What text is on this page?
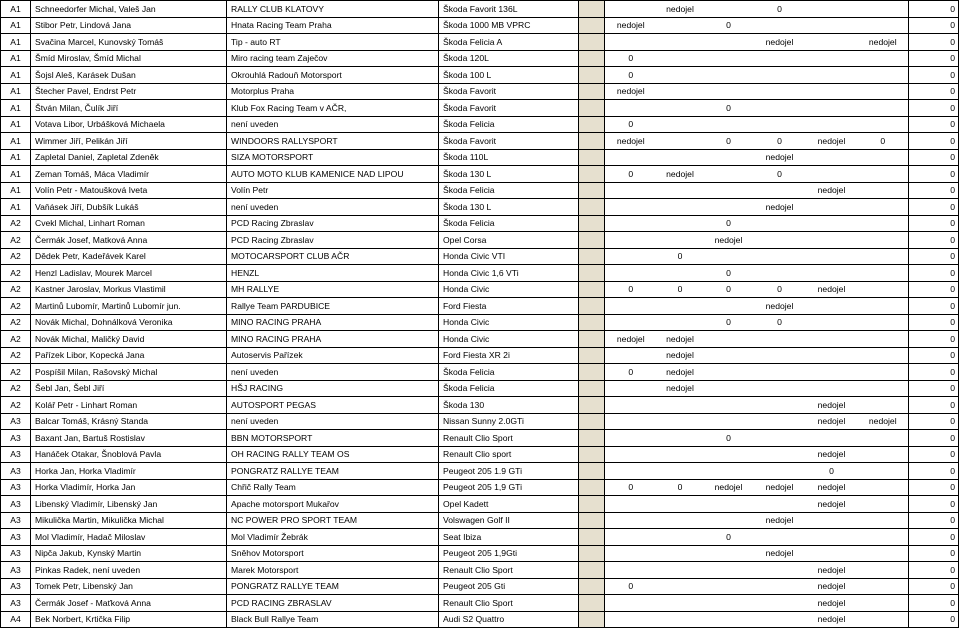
A1	Schneedorfer Michal, Valeš Jan	RALLY CLUB KLATOVY	Škoda Favorit 136L			nedojel		0			0
A1	Stibor Petr, Lindová Jana	Hnata Racing Team Praha	Škoda 1000 MB VPRC		nedojel		0				0
A1	Svačina Marcel, Kunovský Tomáš	Tip - auto RT	Škoda Felicia A					nedojel		nedojel	0
A1	Šmíd Miroslav, Šmíd Michal	Miro racing team Zaječov	Škoda 120L		0						0
A1	Šojsl Aleš, Karásek Dušan	Okrouhlá Radouň Motorsport	Škoda 100 L		0						0
A1	Štecher Pavel, Endrst Petr	Motorplus Praha	Škoda Favorit		nedojel						0
A1	Štván Milan, Čulík Jiří	Klub Fox Racing Team v AČR,	Škoda Favorit				0				0
A1	Votava Libor, Urbášková Michaela	není uveden	Škoda Felicia		0						0
A1	Wimmer Jiří, Pelikán Jiří	WINDOORS RALLYSPORT	Škoda Favorit		nedojel		0	0	nedojel	0	0
A1	Zapletal Daniel, Zapletal Zdeněk	SIZA MOTORSPORT	Škoda 110L					nedojel			0
A1	Zeman Tomáš, Máca Vladimír	AUTO MOTO KLUB KAMENICE NAD LIPOU	Škoda 130 L		0	nedojel		0			0
A1	Volín Petr - Matoušková Iveta	Volín Petr	Škoda Felicia						nedojel		0
A1	Vaňásek Jiří, Dubšík Lukáš	není uveden	Škoda 130 L					nedojel			0
A2	Cvekl Michal, Linhart Roman	PCD Racing Zbraslav	Škoda Felicia				0				0
A2	Čermák Josef, Matková Anna	PCD Racing Zbraslav	Opel Corsa				nedojel				0
A2	Dědek Petr, Kadeřávek Karel	MOTOCARSPORT CLUB AČR	Honda Civic VTI			0					0
A2	Henzl Ladislav, Mourek Marcel	HENZL	Honda Civic 1,6 VTi				0				0
A2	Kastner Jaroslav, Morkus Vlastimil	MH RALLYE	Honda Civic		0	0	0	0	nedojel		0
A2	Martinů Lubomír, Martinů Lubomír jun.	Rallye Team PARDUBICE	Ford Fiesta					nedojel			0
A2	Novák Michal, Dohnálková Veronika	MINO RACING PRAHA	Honda Civic				0	0			0
A2	Novák Michal, Maličký David	MINO RACING PRAHA	Honda Civic		nedojel	nedojel					0
A2	Pařízek Libor, Kopecká Jana	Autoservis Pařízek	Ford Fiesta XR 2i			nedojel					0
A2	Pospíšil Milan, Rašovský Michal	není uveden	Škoda Felicia		0	nedojel					0
A2	Šebl Jan, Šebl Jiří	HŠJ RACING	Škoda Felicia			nedojel					0
A2	Kolář Petr - Linhart Roman	AUTOSPORT PEGAS	Škoda 130						nedojel		0
A3	Balcar Tomáš, Krásný Standa	není uveden	Nissan Sunny 2.0GTi						nedojel	nedojel	0
A3	Baxant Jan, Bartuš Rostislav	BBN MOTORSPORT	Renault Clio Sport				0				0
A3	Hanáček Otakar, Šnoblová Pavla	OH RACING RALLY TEAM OS	Renault Clio sport						nedojel		0
A3	Horka Jan, Horka Vladimír	PONGRATZ RALLYE TEAM	Peugeot 205 1.9 GTi						0		0
A3	Horka Vladimír, Horka Jan	Chřič Rally Team	Peugeot 205 1,9 GTi		0	0	nedojel	nedojel	nedojel		0
A3	Libenský Vladimír, Libenský Jan	Apache motorsport Mukařov	Opel Kadett						nedojel		0
A3	Mikulička Martin, Mikulička Michal	NC POWER PRO SPORT TEAM	Volswagen Golf II					nedojel			0
A3	Mol Vladimír, Hadač Miloslav	Mol Vladimír Žebrák	Seat Ibiza				0				0
A3	Nipča Jakub, Kynský Martin	Sněhov Motorsport	Peugeot 205 1,9Gti					nedojel			0
A3	Pinkas Radek, není uveden	Marek Motorsport	Renault Clio Sport						nedojel		0
A3	Tomek Petr, Libenský Jan	PONGRATZ RALLYE TEAM	Peugeot 205 Gti		0				nedojel		0
A3	Čermák Josef - Maťková Anna	PCD RACING ZBRASLAV	Renault Clio Sport						nedojel		0
A4	Bek Norbert, Krtička Filip	Black Bull Rallye Team	Audi S2 Quattro						nedojel		0
